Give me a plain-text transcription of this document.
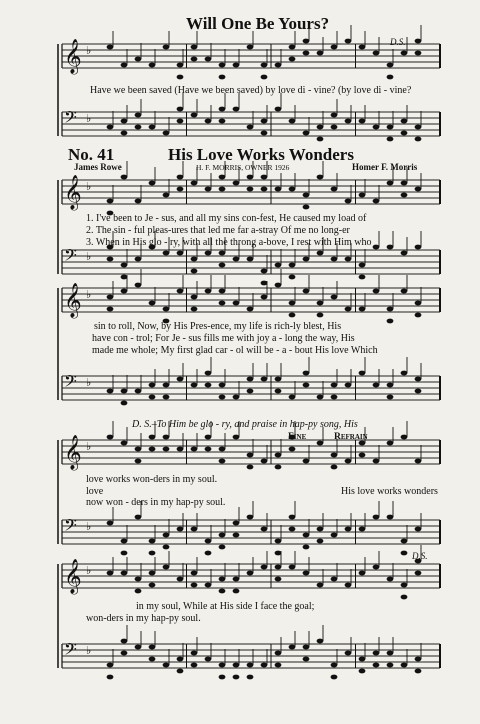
𝄞 ♭
𝄢 ♭
𝄞 ♭
𝄢 ♭
𝄞 ♭
𝄢 ♭
𝄞 ♭
𝄢 ♭
𝄞 ♭
𝄢 ♭
Will One Be Yours?
D.S.
Have we been saved (Have we been saved) by love di - vine? (by love di - vine?
No. 41	His Love Works Wonders
James Rowe	H. F. MORRIS, OWNER 1926	Homer F. Morris
1. I've been to Je - sus, and all my sins con-fest, He caused my load of
2. The sin - ful pleas-ures that led me far a-stray Of me no long-er
3. When in His glo - ry, with all the throng a-bove, I rest with Him who
sin to roll, Now, by His Pres-ence, my life is rich-ly blest, His
have con - trol; For Je - sus fills me with joy a - long the way, His
made me whole; My first glad car - ol will be - a - bout His love Which
D. S.–To Him be glo - ry, and praise in hap-py song, His
Fine	Refrain
love works won-ders in my soul.
His love works wonders
love
now won - ders in my hap-py soul.
D.S.
in my soul, While at His side I face the goal;
won-ders in my hap-py soul.
